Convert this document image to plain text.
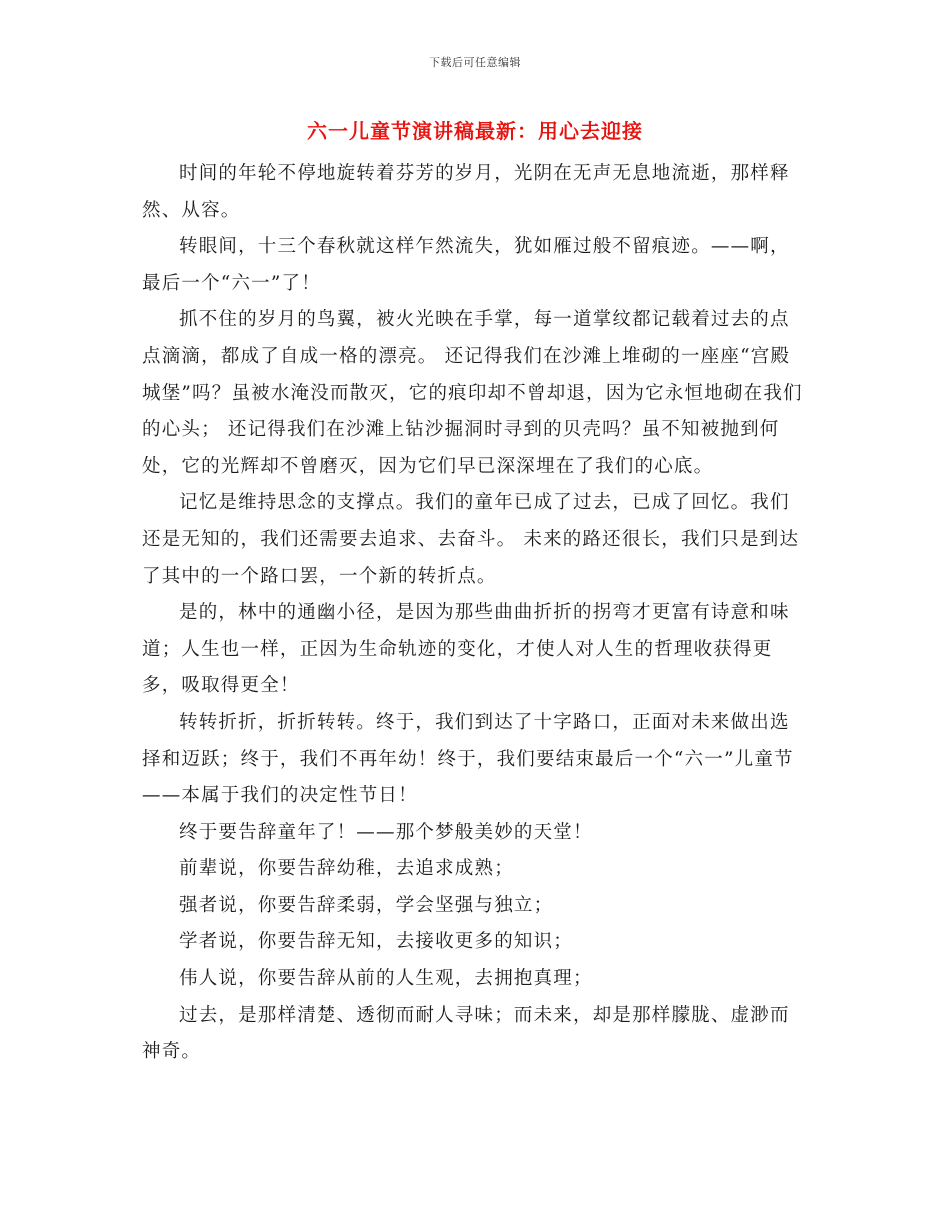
下载后可任意编辑
六一儿童节演讲稿最新：用心去迎接

时间的年轮不停地旋转着芬芳的岁月，光阴在无声无息地流逝，那样释然、从容。

转眼间，十三个春秋就这样乍然流失，犹如雁过般不留痕迹。——啊，最后一个“六一”了！

抓不住的岁月的鸟翼，被火光映在手掌，每一道掌纹都记载着过去的点点滴滴，都成了自成一格的漂亮。 还记得我们在沙滩上堆砌的一座座“宫殿城堡”吗？虽被水淹没而散灭，它的痕印却不曾却退，因为它永恒地砌在我们的心头； 还记得我们在沙滩上钻沙掘洞时寻到的贝壳吗？虽不知被抛到何处，它的光辉却不曾磨灭，因为它们早已深深埋在了我们的心底。

记忆是维持思念的支撑点。我们的童年已成了过去，已成了回忆。我们还是无知的，我们还需要去追求、去奋斗。 未来的路还很长，我们只是到达了其中的一个路口罢，一个新的转折点。

是的，林中的通幽小径，是因为那些曲曲折折的拐弯才更富有诗意和味道；人生也一样，正因为生命轨迹的变化，才使人对人生的哲理收获得更多，吸取得更全！

转转折折，折折转转。终于，我们到达了十字路口，正面对未来做出选择和迈跃；终于，我们不再年幼！终于，我们要结束最后一个“六一”儿童节——本属于我们的决定性节日！

终于要告辞童年了！——那个梦般美妙的天堂！

前辈说，你要告辞幼稚，去追求成熟；

强者说，你要告辞柔弱，学会坚强与独立；

学者说，你要告辞无知，去接收更多的知识；

伟人说，你要告辞从前的人生观，去拥抱真理；

过去，是那样清楚、透彻而耐人寻味；而未来，却是那样朦胧、虚渺而神奇。
